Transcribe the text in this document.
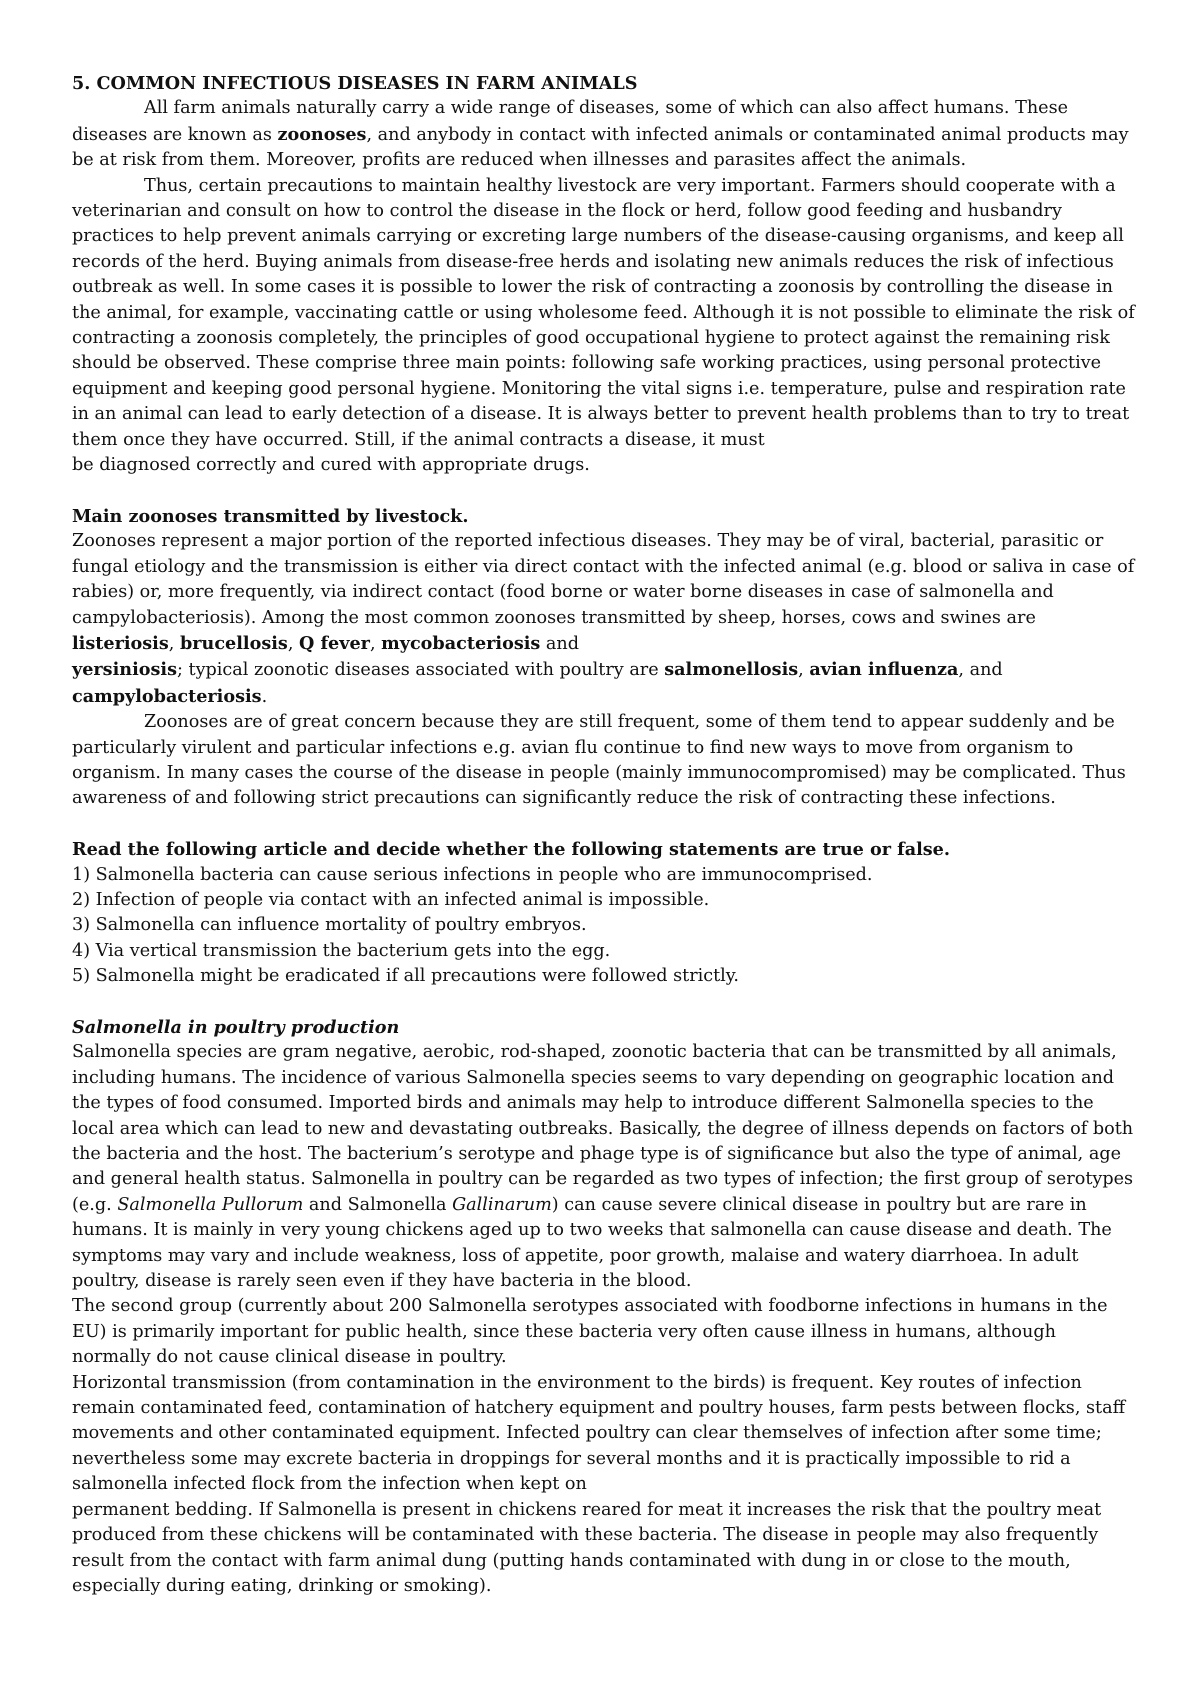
5. COMMON INFECTIOUS DISEASES IN FARM ANIMALS

All farm animals naturally carry a wide range of diseases, some of which can also affect humans. These diseases are known as zoonoses, and anybody in contact with infected animals or contaminated animal products may be at risk from them. Moreover, profits are reduced when illnesses and parasites affect the animals.

Thus, certain precautions to maintain healthy livestock are very important. Farmers should cooperate with a veterinarian and consult on how to control the disease in the flock or herd, follow good feeding and husbandry practices to help prevent animals carrying or excreting large numbers of the disease-causing organisms, and keep all records of the herd. Buying animals from disease-free herds and isolating new animals reduces the risk of infectious outbreak as well. In some cases it is possible to lower the risk of contracting a zoonosis by controlling the disease in the animal, for example, vaccinating cattle or using wholesome feed. Although it is not possible to eliminate the risk of contracting a zoonosis completely, the principles of good occupational hygiene to protect against the remaining risk should be observed. These comprise three main points: following safe working practices, using personal protective equipment and keeping good personal hygiene. Monitoring the vital signs i.e. temperature, pulse and respiration rate in an animal can lead to early detection of a disease. It is always better to prevent health problems than to try to treat them once they have occurred. Still, if the animal contracts a disease, it must

be diagnosed correctly and cured with appropriate drugs.

Main zoonoses transmitted by livestock.

Zoonoses represent a major portion of the reported infectious diseases. They may be of viral, bacterial, parasitic or fungal etiology and the transmission is either via direct contact with the infected animal (e.g. blood or saliva in case of rabies) or, more frequently, via indirect contact (food borne or water borne diseases in case of salmonella and campylobacteriosis). Among the most common zoonoses transmitted by sheep, horses, cows and swines are
listeriosis, brucellosis, Q fever, mycobacteriosis and
yersiniosis; typical zoonotic diseases associated with poultry are salmonellosis, avian influenza, and
campylobacteriosis.

Zoonoses are of great concern because they are still frequent, some of them tend to appear suddenly and be particularly virulent and particular infections e.g. avian flu continue to find new ways to move from organism to organism. In many cases the course of the disease in people (mainly immunocompromised) may be complicated. Thus awareness of and following strict precautions can significantly reduce the risk of contracting these infections.

Read the following article and decide whether the following statements are true or false.

1) Salmonella bacteria can cause serious infections in people who are immunocomprised.

2) Infection of people via contact with an infected animal is impossible.

3) Salmonella can influence mortality of poultry embryos.

4) Via vertical transmission the bacterium gets into the egg.

5) Salmonella might be eradicated if all precautions were followed strictly.

Salmonella in poultry production

Salmonella species are gram negative, aerobic, rod-shaped, zoonotic bacteria that can be transmitted by all animals, including humans. The incidence of various Salmonella species seems to vary depending on geographic location and the types of food consumed. Imported birds and animals may help to introduce different Salmonella species to the local area which can lead to new and devastating outbreaks. Basically, the degree of illness depends on factors of both the bacteria and the host. The bacterium’s serotype and phage type is of significance but also the type of animal, age and general health status. Salmonella in poultry can be regarded as two types of infection; the first group of serotypes (e.g. Salmonella Pullorum and Salmonella Gallinarum) can cause severe clinical disease in poultry but are rare in humans. It is mainly in very young chickens aged up to two weeks that salmonella can cause disease and death. The symptoms may vary and include weakness, loss of appetite, poor growth, malaise and watery diarrhoea. In adult poultry, disease is rarely seen even if they have bacteria in the blood.

The second group (currently about 200 Salmonella serotypes associated with foodborne infections in humans in the EU) is primarily important for public health, since these bacteria very often cause illness in humans, although normally do not cause clinical disease in poultry.

Horizontal transmission (from contamination in the environment to the birds) is frequent. Key routes of infection remain contaminated feed, contamination of hatchery equipment and poultry houses, farm pests between flocks, staff movements and other contaminated equipment. Infected poultry can clear themselves of infection after some time; nevertheless some may excrete bacteria in droppings for several months and it is practically impossible to rid a salmonella infected flock from the infection when kept on

permanent bedding. If Salmonella is present in chickens reared for meat it increases the risk that the poultry meat produced from these chickens will be contaminated with these bacteria. The disease in people may also frequently result from the contact with farm animal dung (putting hands contaminated with dung in or close to the mouth, especially during eating, drinking or smoking).
